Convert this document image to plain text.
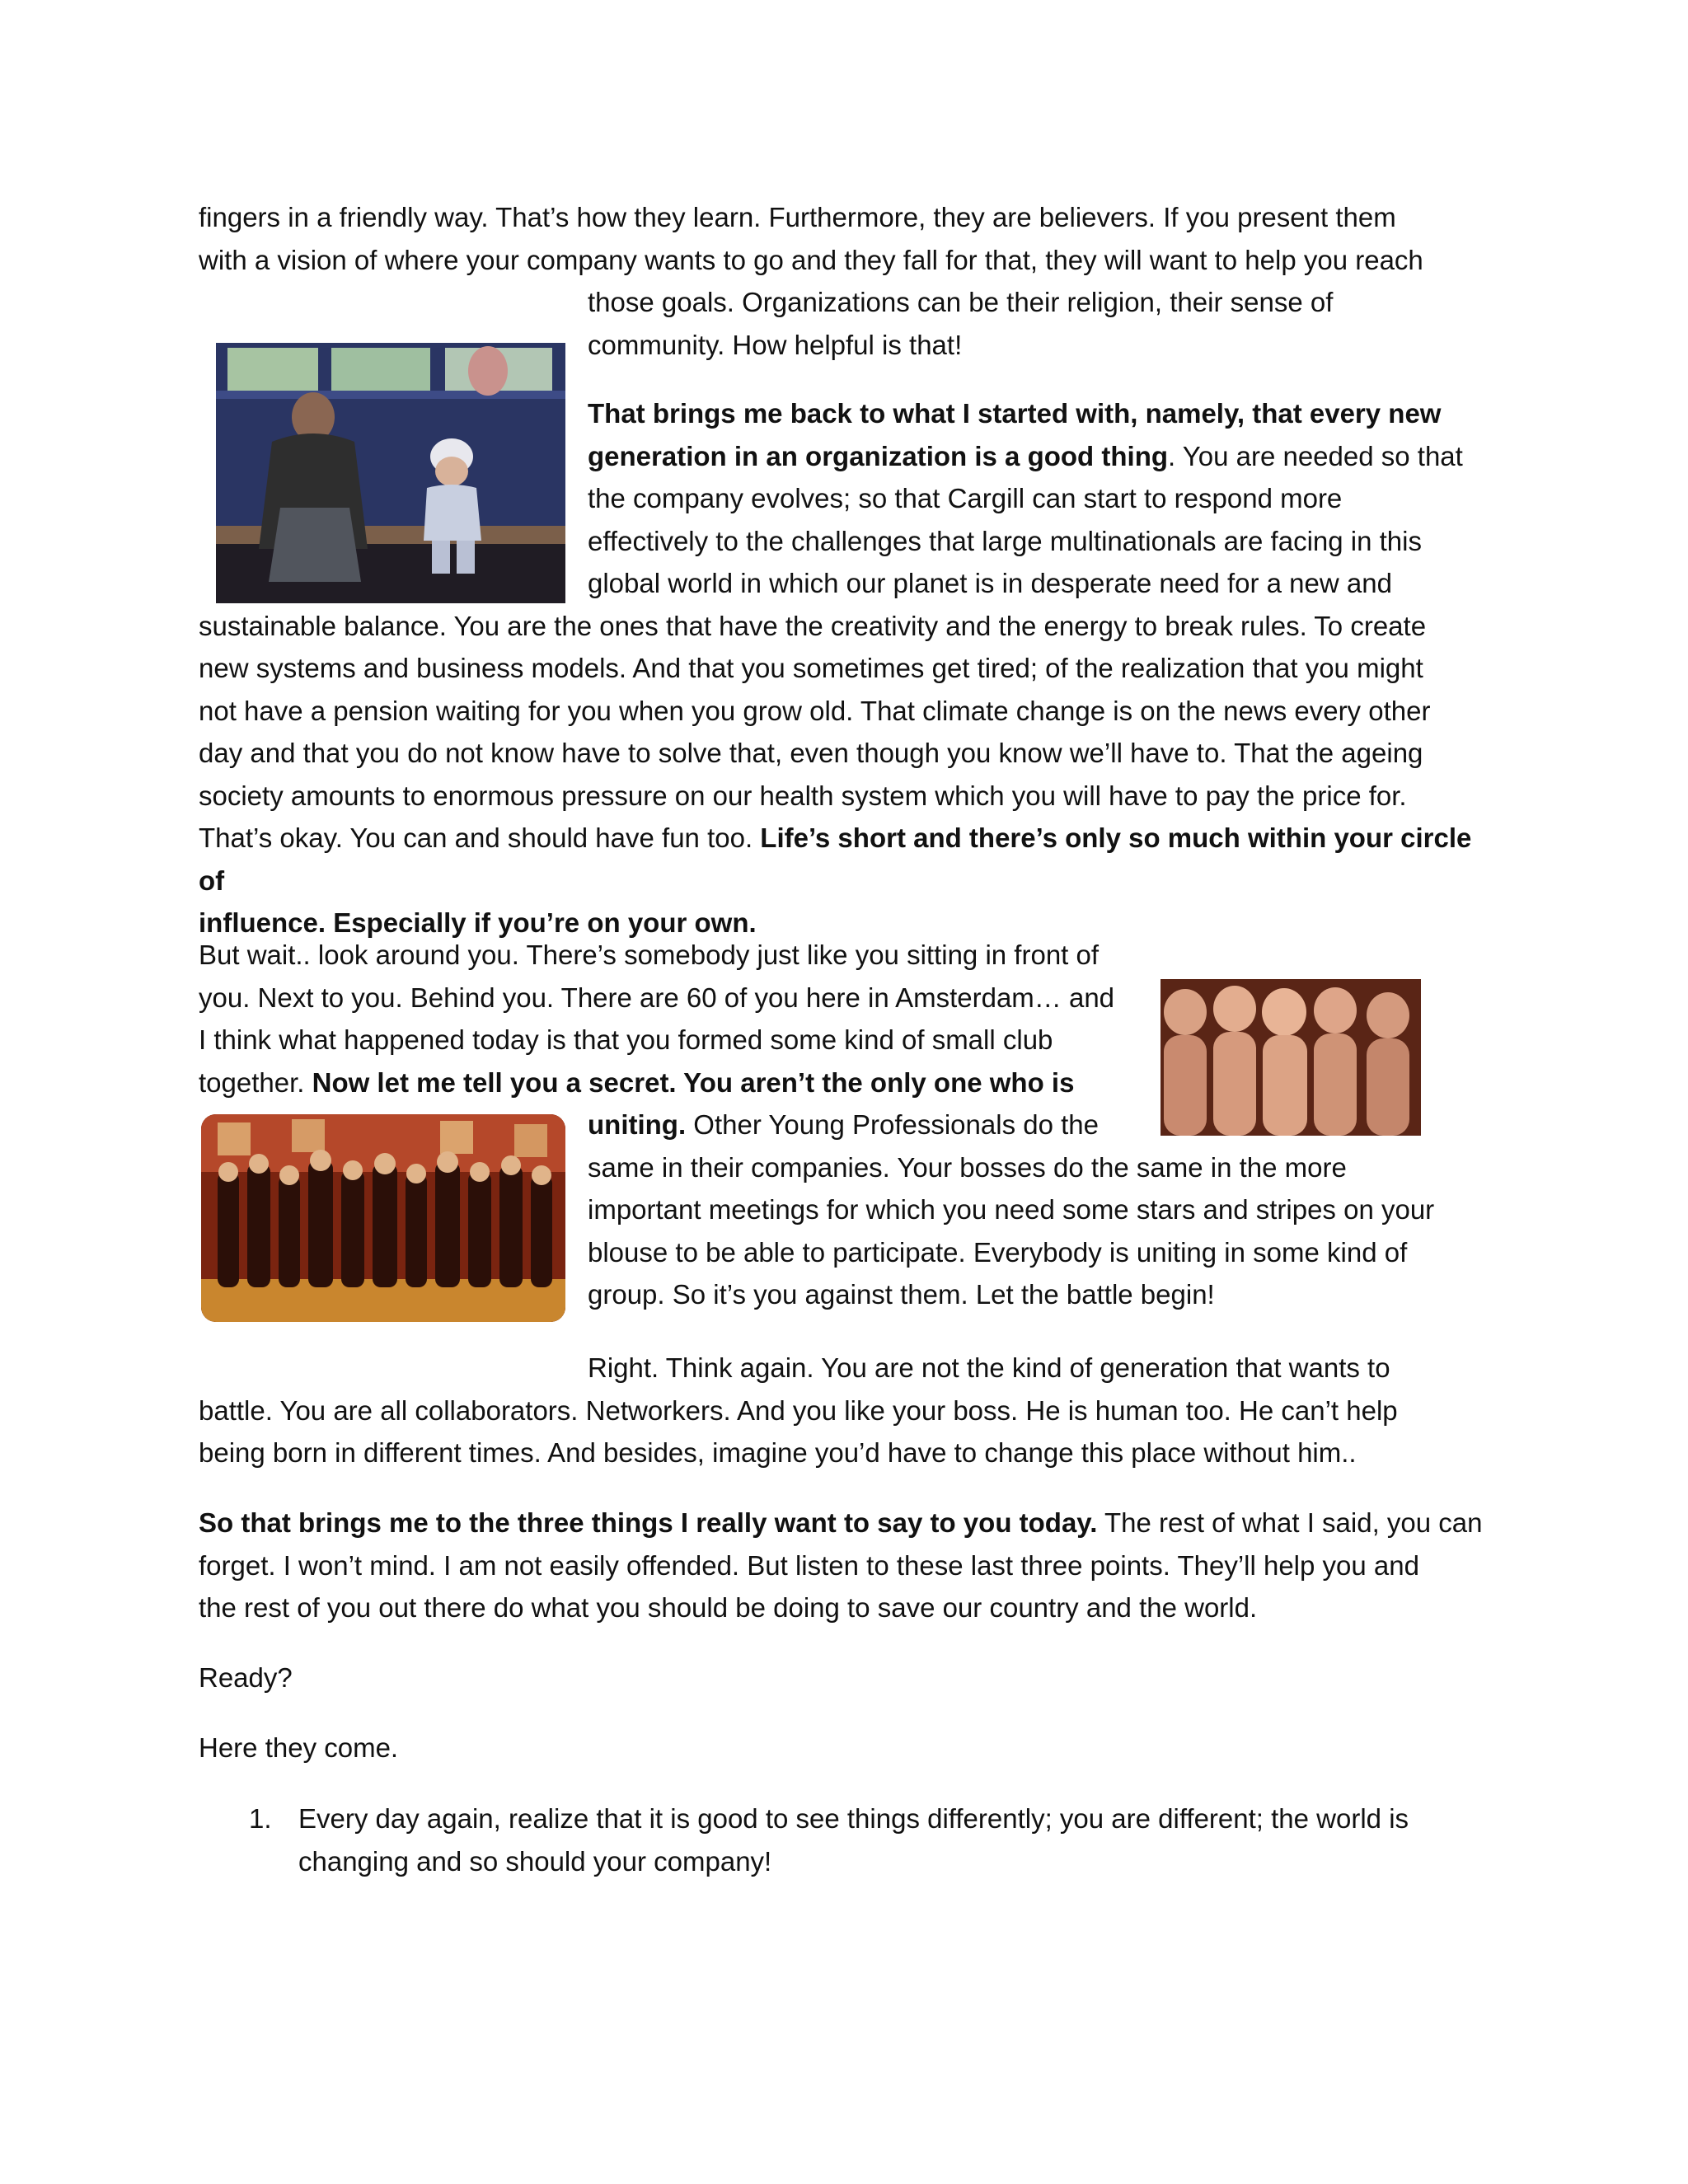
fingers in a friendly way. That’s how they learn. Furthermore, they are believers. If you present them

with a vision of where your company wants to go and they fall for that, they will want to help you reach

those goals. Organizations can be their religion, their sense of

community. How helpful is that!

That brings me back to what I started with, namely, that every new

generation in an organization is a good thing. You are needed so that

the company evolves; so that Cargill can start to respond more

effectively to the challenges that large multinationals are facing in this

global world in which our planet is in desperate need for a new and

sustainable balance. You are the ones that have the creativity and the energy to break rules. To create

new systems and business models. And that you sometimes get tired; of the realization that you might

not have a pension waiting for you when you grow old. That climate change is on the news every other

day and that you do not know have to solve that, even though you know we’ll have to. That the ageing

society amounts to enormous pressure on our health system which you will have to pay the price for.

That’s okay. You can and should have fun too. Life’s short and there’s only so much within your circle of

influence. Especially if you’re on your own.

But wait.. look around you. There’s somebody just like you sitting in front of

you. Next to you. Behind you. There are 60 of you here in Amsterdam… and

I think what happened today is that you formed some kind of small club

together. Now let me tell you a secret. You aren’t the only one who is

uniting. Other Young Professionals do the

same in their companies. Your bosses do the same in the more

important meetings for which you need some stars and stripes on your

blouse to be able to participate. Everybody is uniting in some kind of

group. So it’s you against them. Let the battle begin!

Right. Think again. You are not the kind of generation that wants to

battle. You are all collaborators. Networkers. And you like your boss. He is human too. He can’t help

being born in different times. And besides, imagine you’d have to change this place without him..

So that brings me to the three things I really want to say to you today. The rest of what I said, you can

forget. I won’t mind. I am not easily offended. But listen to these last three points. They’ll help you and

the rest of you out there do what you should be doing to save our country and the world.

Ready?

Here they come.

1. Every day again, realize that it is good to see things differently; you are different; the world is
changing and so should your company!
